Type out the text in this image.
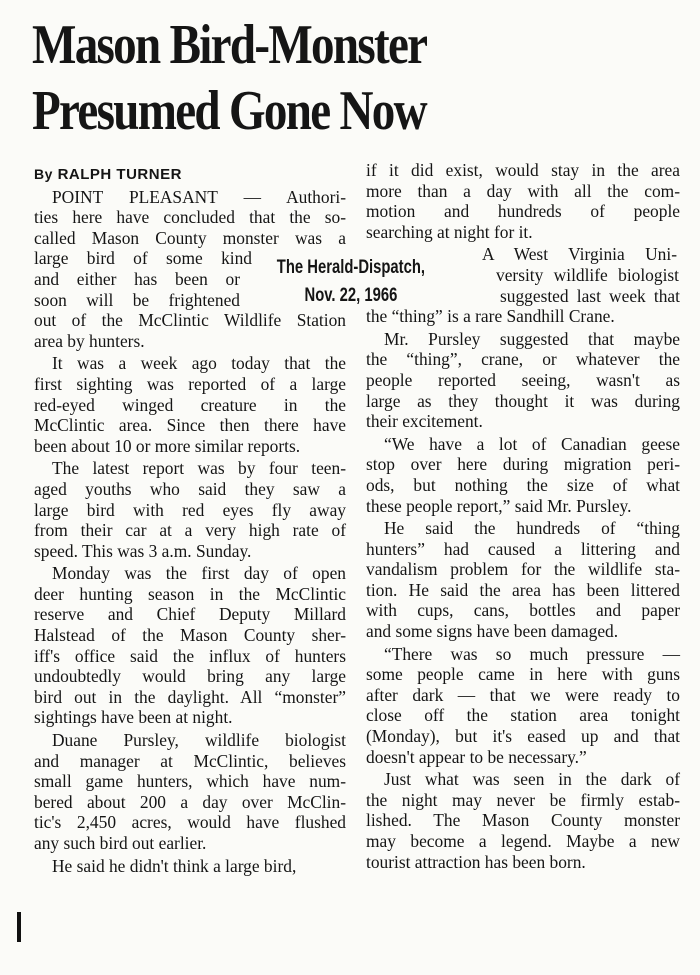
Mason Bird-Monster
Presumed Gone Now
The Herald-Dispatch,
Nov. 22, 1966
By RALPH TURNER
POINT PLEASANT — Authori-
ties here have concluded that the so-
called Mason County monster was a
large bird of some kind
and either has been or
soon will be frightened
out of the McClintic Wildlife Station
area by hunters.
It was a week ago today that the
first sighting was reported of a large
red-eyed winged creature in the
McClintic area. Since then there have
been about 10 or more similar reports.
The latest report was by four teen-
aged youths who said they saw a
large bird with red eyes fly away
from their car at a very high rate of
speed. This was 3 a.m. Sunday.
Monday was the first day of open
deer hunting season in the McClintic
reserve and Chief Deputy Millard
Halstead of the Mason County sher-
iff's office said the influx of hunters
undoubtedly would bring any large
bird out in the daylight. All “monster”
sightings have been at night.
Duane Pursley, wildlife biologist
and manager at McClintic, believes
small game hunters, which have num-
bered about 200 a day over McClin-
tic's 2,450 acres, would have flushed
any such bird out earlier.
He said he didn't think a large bird,
if it did exist, would stay in the area
more than a day with all the com-
motion and hundreds of people
searching at night for it.
A West Virginia Uni-
versity wildlife biologist
suggested last week that
the “thing” is a rare Sandhill Crane.
Mr. Pursley suggested that maybe
the “thing”, crane, or whatever the
people reported seeing, wasn't as
large as they thought it was during
their excitement.
“We have a lot of Canadian geese
stop over here during migration peri-
ods, but nothing the size of what
these people report,” said Mr. Pursley.
He said the hundreds of “thing
hunters” had caused a littering and
vandalism problem for the wildlife sta-
tion. He said the area has been littered
with cups, cans, bottles and paper
and some signs have been damaged.
“There was so much pressure —
some people came in here with guns
after dark — that we were ready to
close off the station area tonight
(Monday), but it's eased up and that
doesn't appear to be necessary.”
Just what was seen in the dark of
the night may never be firmly estab-
lished. The Mason County monster
may become a legend. Maybe a new
tourist attraction has been born.
